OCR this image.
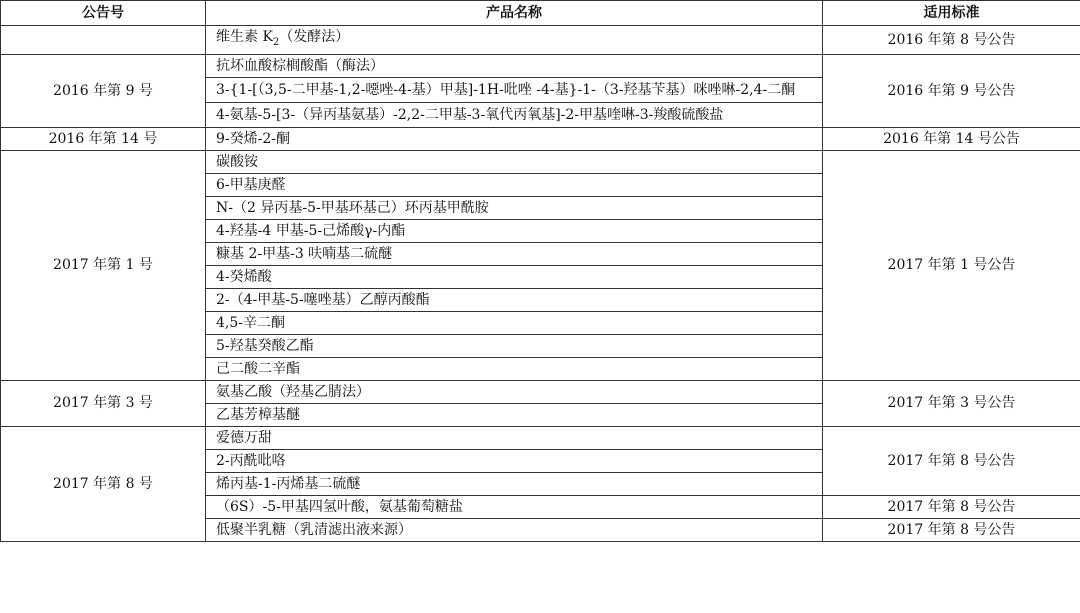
公告号	产品名称	适用标准
	维生素 $K_2$（发酵法）	2016 年第 8 号公告
2016 年第 9 号	抗坏血酸棕榈酸酯（酶法）	2016 年第 9 号公告
	3-{1-[（3,5-二甲基-1,2-噁唑-4-基）甲基]-1H-吡唑 -4-基}-1-（3-羟基苄基）咪唑啉-2,4-二酮	
	4-氨基-5-[3-（异丙基氨基）-2,2-二甲基-3-氧代丙氧基]-2-甲基喹啉-3-羧酸硫酸盐	
2016 年第 14 号	9-癸烯-2-酮	2016 年第 14 号公告
2017 年第 1 号	碳酸铵	2017 年第 1 号公告
	6-甲基庚醛	
	N-（2 异丙基-5-甲基环基己）环丙基甲酰胺	
	4-羟基-4 甲基-5-己烯酸γ-内酯	
	糠基 2-甲基-3 呋喃基二硫醚	
	4-癸烯酸	
	2-（4-甲基-5-噻唑基）乙醇丙酸酯	
	4,5-辛二酮	
	5-羟基癸酸乙酯	
	己二酸二辛酯	
2017 年第 3 号	氨基乙酸（羟基乙腈法）	2017 年第 3 号公告
	乙基芳樟基醚	
2017 年第 8 号	爱德万甜	2017 年第 8 号公告
	2-丙酰吡咯	
	烯丙基-1-丙烯基二硫醚	
	（6S）-5-甲基四氢叶酸，氨基葡萄糖盐	2017 年第 8 号公告
	低聚半乳糖（乳清滤出液来源）	2017 年第 8 号公告
